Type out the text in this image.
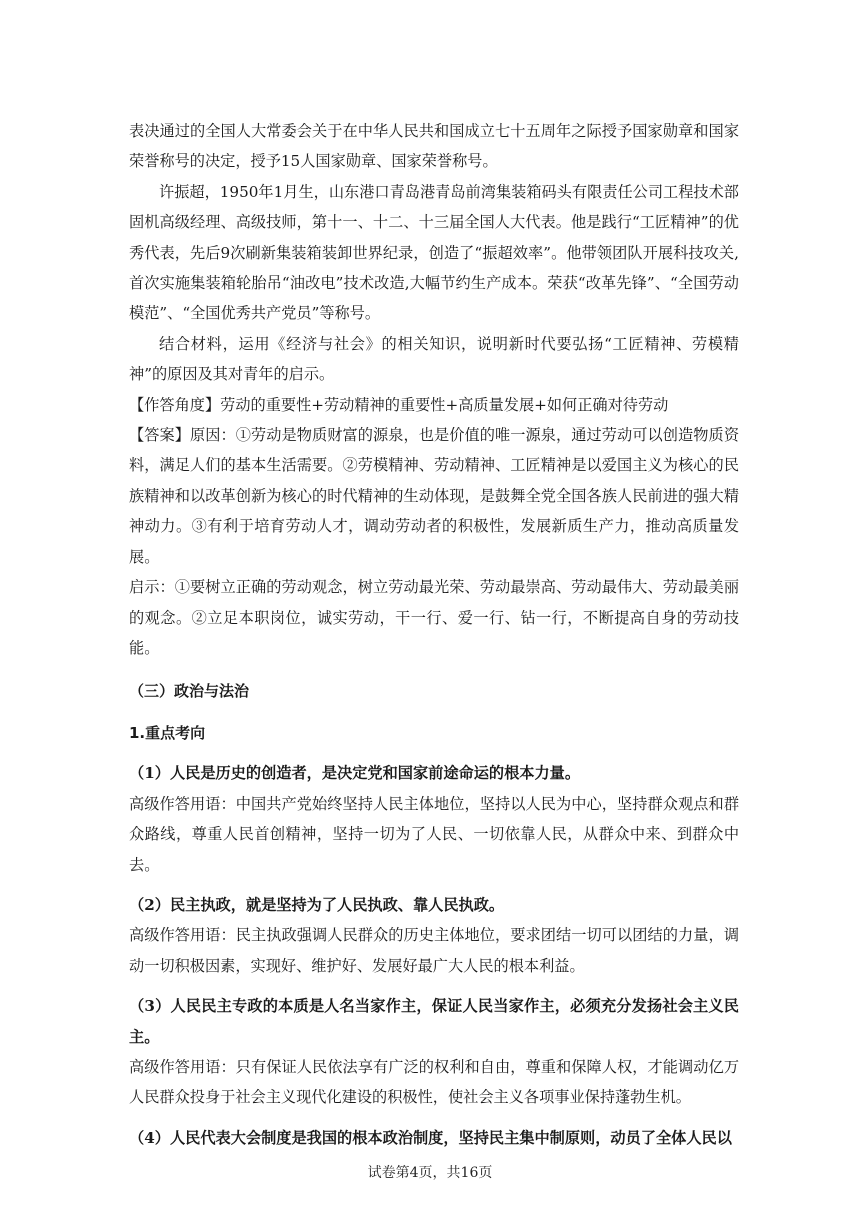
表决通过的全国人大常委会关于在中华人民共和国成立七十五周年之际授予国家勋章和国家荣誉称号的决定，授予15人国家勋章、国家荣誉称号。

许振超，1950年1月生，山东港口青岛港青岛前湾集装箱码头有限责任公司工程技术部固机高级经理、高级技师，第十一、十二、十三届全国人大代表。他是践行“工匠精神”的优秀代表，先后9次刷新集装箱装卸世界纪录，创造了“振超效率”。他带领团队开展科技攻关,首次实施集装箱轮胎吊“油改电”技术改造,大幅节约生产成本。荣获“改革先锋”、“全国劳动模范”、“全国优秀共产党员”等称号。

结合材料，运用《经济与社会》的相关知识，说明新时代要弘扬“工匠精神、劳模精神”的原因及其对青年的启示。

【作答角度】劳动的重要性+劳动精神的重要性+高质量发展+如何正确对待劳动

【答案】原因：①劳动是物质财富的源泉，也是价值的唯一源泉，通过劳动可以创造物质资料，满足人们的基本生活需要。②劳模精神、劳动精神、工匠精神是以爱国主义为核心的民族精神和以改革创新为核心的时代精神的生动体现，是鼓舞全党全国各族人民前进的强大精神动力。③有利于培育劳动人才，调动劳动者的积极性，发展新质生产力，推动高质量发展。

启示：①要树立正确的劳动观念，树立劳动最光荣、劳动最崇高、劳动最伟大、劳动最美丽的观念。②立足本职岗位，诚实劳动，干一行、爱一行、钻一行，不断提高自身的劳动技能。

（三）政治与法治
1.重点考向

（1）人民是历史的创造者，是决定党和国家前途命运的根本力量。

高级作答用语：中国共产党始终坚持人民主体地位，坚持以人民为中心，坚持群众观点和群众路线，尊重人民首创精神，坚持一切为了人民、一切依靠人民，从群众中来、到群众中去。

（2）民主执政，就是坚持为了人民执政、靠人民执政。

高级作答用语：民主执政强调人民群众的历史主体地位，要求团结一切可以团结的力量，调动一切积极因素，实现好、维护好、发展好最广大人民的根本利益。

（3）人民民主专政的本质是人名当家作主，保证人民当家作主，必须充分发扬社会主义民主。

高级作答用语：只有保证人民依法享有广泛的权利和自由，尊重和保障人权，才能调动亿万人民群众投身于社会主义现代化建设的积极性，使社会主义各项事业保持蓬勃生机。

（4）人民代表大会制度是我国的根本政治制度，坚持民主集中制原则，动员了全体人民以

试卷第4页，共16页
